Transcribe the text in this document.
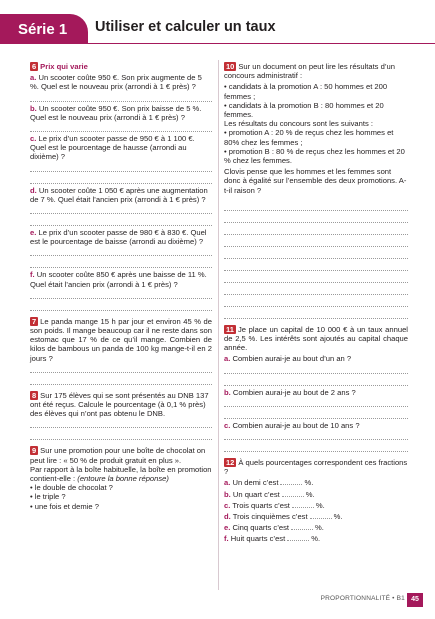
Série 1	Utiliser et calculer un taux
6 Prix qui varie
a. Un scooter coûte 950 €. Son prix augmente de 5 %. Quel est le nouveau prix (arrondi à 1 € près) ?
b. Un scooter coûte 950 €. Son prix baisse de 5 %. Quel est le nouveau prix (arrondi à 1 € près) ?
c. Le prix d’un scooter passe de 950 € à 1 100 €. Quel est le pourcentage de hausse (arrondi au dixième) ?
d. Un scooter coûte 1 050 € après une augmentation de 7 %. Quel était l’ancien prix (arrondi à 1 € près) ?
e. Le prix d’un scooter passe de 980 € à 830 €. Quel est le pourcentage de baisse (arrondi au dixième) ?
f. Un scooter coûte 850 € après une baisse de 11 %. Quel était l’ancien prix (arrondi à 1 € près) ?
7 Le panda mange 15 h par jour et environ 45 % de son poids. Il mange beaucoup car il ne reste dans son estomac que 17 % de ce qu’il mange. Combien de kilos de bambous un panda de 100 kg mange-t-il en 2 jours ?
8 Sur 175 élèves qui se sont présentés au DNB 137 ont été reçus. Calcule le pourcentage (à 0,1 % près) des élèves qui n’ont pas obtenu le DNB.
9 Sur une promotion pour une boîte de chocolat on peut lire : « 50 % de produit gratuit en plus ».
Par rapport à la boîte habituelle, la boîte en promotion contient-elle : (entoure la bonne réponse)
• le double de chocolat ?
• le triple ?
• une fois et demie ?
10 Sur un document on peut lire les résultats d’un concours administratif :
• candidats à la promotion A : 50 hommes et 200 femmes ;
• candidats à la promotion B : 80 hommes et 20 femmes.
Les résultats du concours sont les suivants :
• promotion A : 20 % de reçus chez les hommes et 80% chez les femmes ;
• promotion B : 80 % de reçus chez les hommes et 20 % chez les femmes.
Clovis pense que les hommes et les femmes sont donc à égalité sur l’ensemble des deux promotions. A-t-il raison ?
11 Je place un capital de 10 000 € à un taux annuel de 2,5 %. Les intérêts sont ajoutés au capital chaque année.
a. Combien aurai-je au bout d’un an ?
b. Combien aurai-je au bout de 2 ans ?
c. Combien aurai-je au bout de 10 ans ?
12 À quels pourcentages correspondent ces fractions ?
a. Un demi c’est	%.
b. Un quart c’est	%.
c. Trois quarts c’est	%.
d. Trois cinquièmes c’est	%.
e. Cinq quarts c’est	%.
f. Huit quarts c’est	%.
PROPORTIONNALITÉ • B1 45
